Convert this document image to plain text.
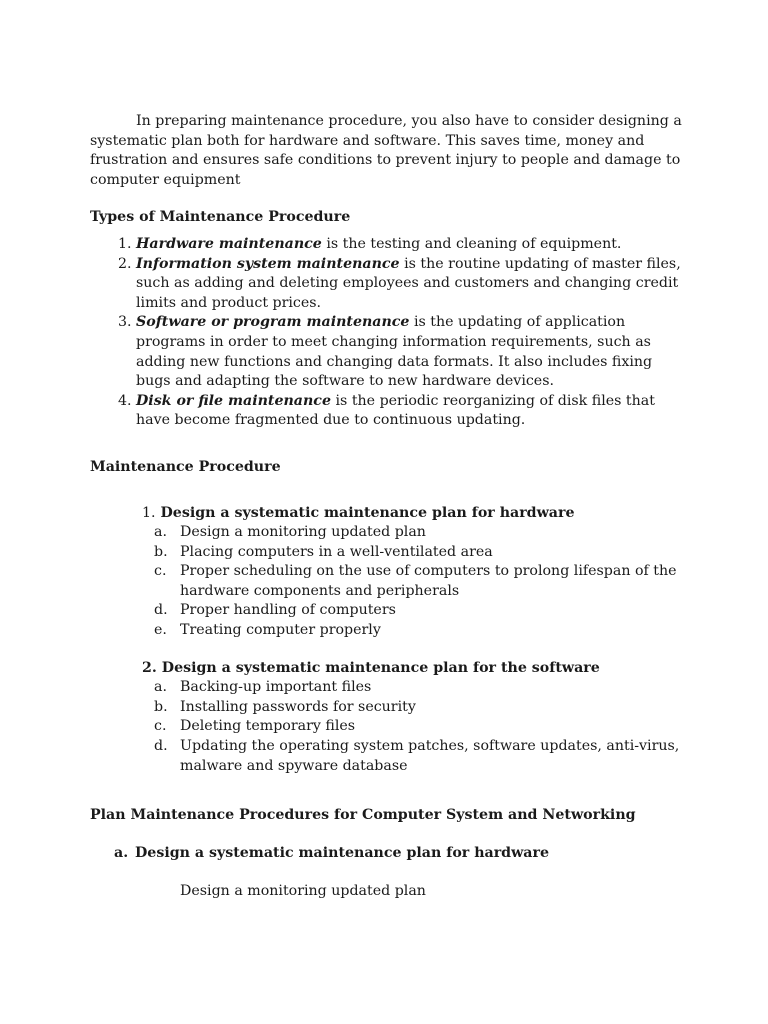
In preparing maintenance procedure, you also have to consider designing a systematic plan both for hardware and software. This saves time, money and frustration and ensures safe conditions to prevent injury to people and damage to computer equipment

Types of Maintenance Procedure

1. Hardware maintenance is the testing and cleaning of equipment.
2. Information system maintenance is the routine updating of master files, such as adding and deleting employees and customers and changing credit limits and product prices.
3. Software or program maintenance is the updating of application programs in order to meet changing information requirements, such as adding new functions and changing data formats. It also includes fixing bugs and adapting the software to new hardware devices.
4. Disk or file maintenance is the periodic reorganizing of disk files that have become fragmented due to continuous updating.

Maintenance Procedure

1. Design a systematic maintenance plan for hardware

a. Design a monitoring updated plan
b. Placing computers in a well-ventilated area
c. Proper scheduling on the use of computers to prolong lifespan of the hardware components and peripherals
d. Proper handling of computers
e. Treating computer properly

2. Design a systematic maintenance plan for the software

a. Backing-up important files
b. Installing passwords for security
c. Deleting temporary files
d. Updating the operating system patches, software updates, anti-virus, malware and spyware database

Plan Maintenance Procedures for Computer System and Networking

a. Design a systematic maintenance plan for hardware

Design a monitoring updated plan
